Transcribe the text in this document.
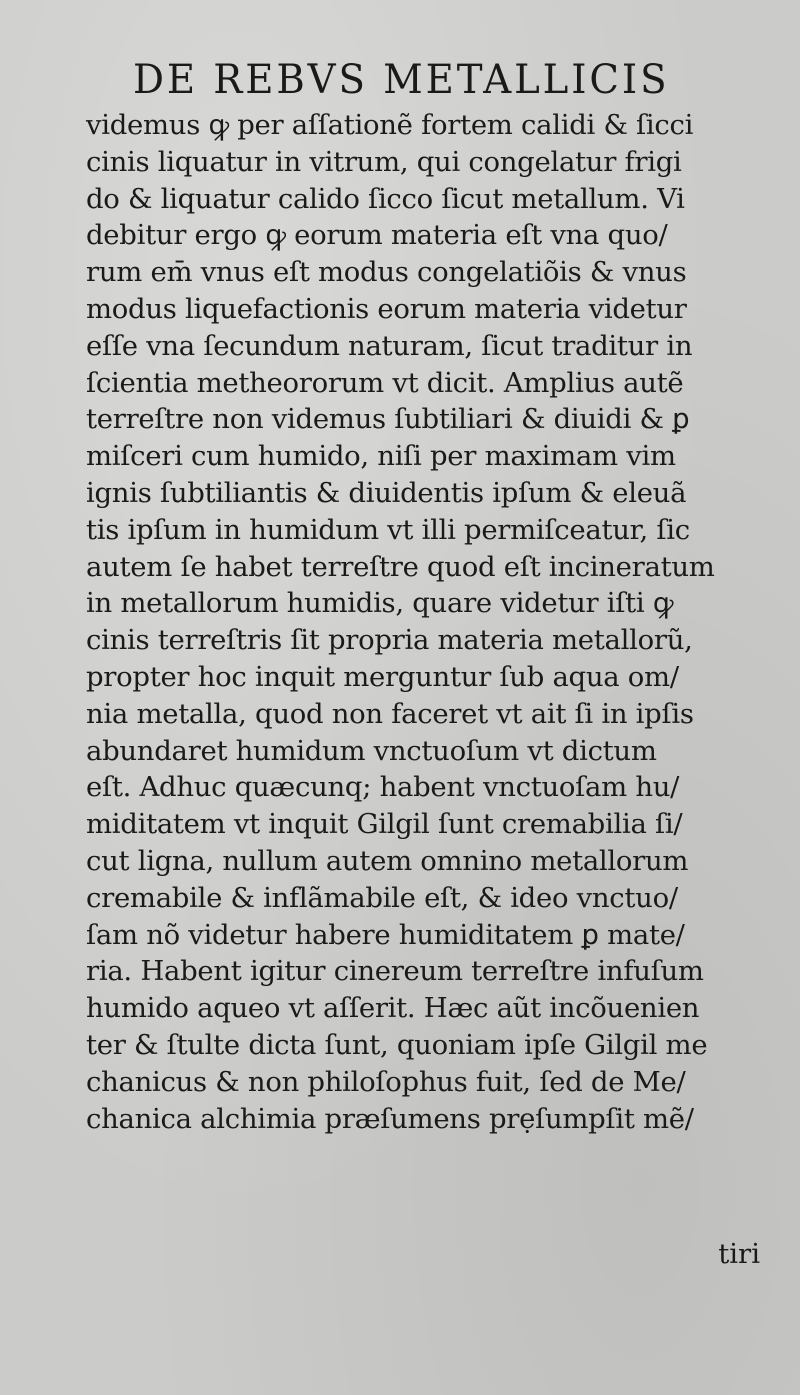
DE REBVS METALLICIS
videmus ꝙ per aſſationẽ fortem calidi & ſicci
cinis liquatur in vitrum, qui congelatur frigi
do & liquatur calido ſicco ſicut metallum. Vi
debitur ergo ꝙ eorum materia eſt vna quo/
rum em̄ vnus eſt modus congelatiõis & vnus
modus liquefactionis eorum materia videtur
eſſe vna ſecundum naturam, ſicut traditur in
ſcientia metheororum vt dicit. Amplius autẽ
terreſtre non videmus ſubtiliari & diuidi & ꝑ
miſceri cum humido, niſi per maximam vim
ignis ſubtiliantis & diuidentis ipſum & eleuã
tis ipſum in humidum vt illi permiſceatur, ſic
autem ſe habet terreſtre quod eſt incineratum
in metallorum humidis, quare videtur iſti ꝙ
cinis terreſtris ſit propria materia metallorũ,
propter hoc inquit merguntur ſub aqua om/
nia metalla, quod non faceret vt ait ſi in ipſis
abundaret humidum vnctuoſum vt dictum
eſt. Adhuc quæcunq; habent vnctuoſam hu/
miditatem vt inquit Gilgil ſunt cremabilia ſi/
cut ligna, nullum autem omnino metallorum
cremabile & inflãmabile eſt, & ideo vnctuo/
ſam nõ videtur habere humiditatem ꝑ mate/
ria. Habent igitur cinereum terreſtre infuſum
humido aqueo vt aſſerit. Hæc aũt incõuenien
ter & ſtulte dicta ſunt, quoniam ipſe Gilgil me
chanicus & non philoſophus fuit, ſed de Me/
chanica alchimia præſumens prẹſumpſit mẽ/
tiri
